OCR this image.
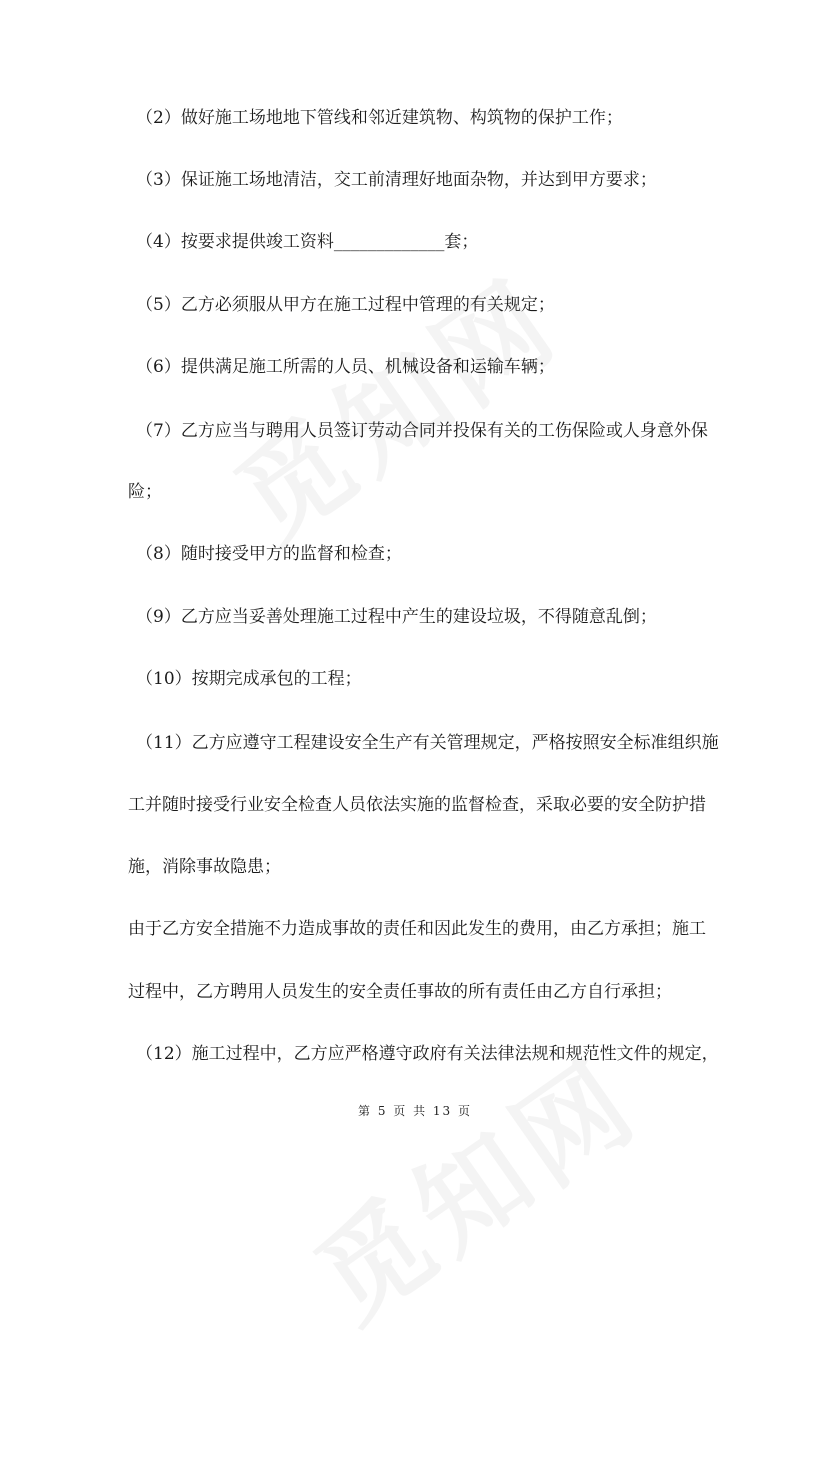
（2）做好施工场地地下管线和邻近建筑物、构筑物的保护工作；
（3）保证施工场地清洁，交工前清理好地面杂物，并达到甲方要求；
（4）按要求提供竣工资料_____________套；
（5）乙方必须服从甲方在施工过程中管理的有关规定；
（6）提供满足施工所需的人员、机械设备和运输车辆；
（7）乙方应当与聘用人员签订劳动合同并投保有关的工伤保险或人身意外保
险；
（8）随时接受甲方的监督和检查；
（9）乙方应当妥善处理施工过程中产生的建设垃圾，不得随意乱倒；
（10）按期完成承包的工程；
（11）乙方应遵守工程建设安全生产有关管理规定，严格按照安全标准组织施
工并随时接受行业安全检查人员依法实施的监督检查，采取必要的安全防护措
施，消除事故隐患；
由于乙方安全措施不力造成事故的责任和因此发生的费用，由乙方承担；施工
过程中，乙方聘用人员发生的安全责任事故的所有责任由乙方自行承担；
（12）施工过程中，乙方应严格遵守政府有关法律法规和规范性文件的规定，
第 5 页 共 13 页
